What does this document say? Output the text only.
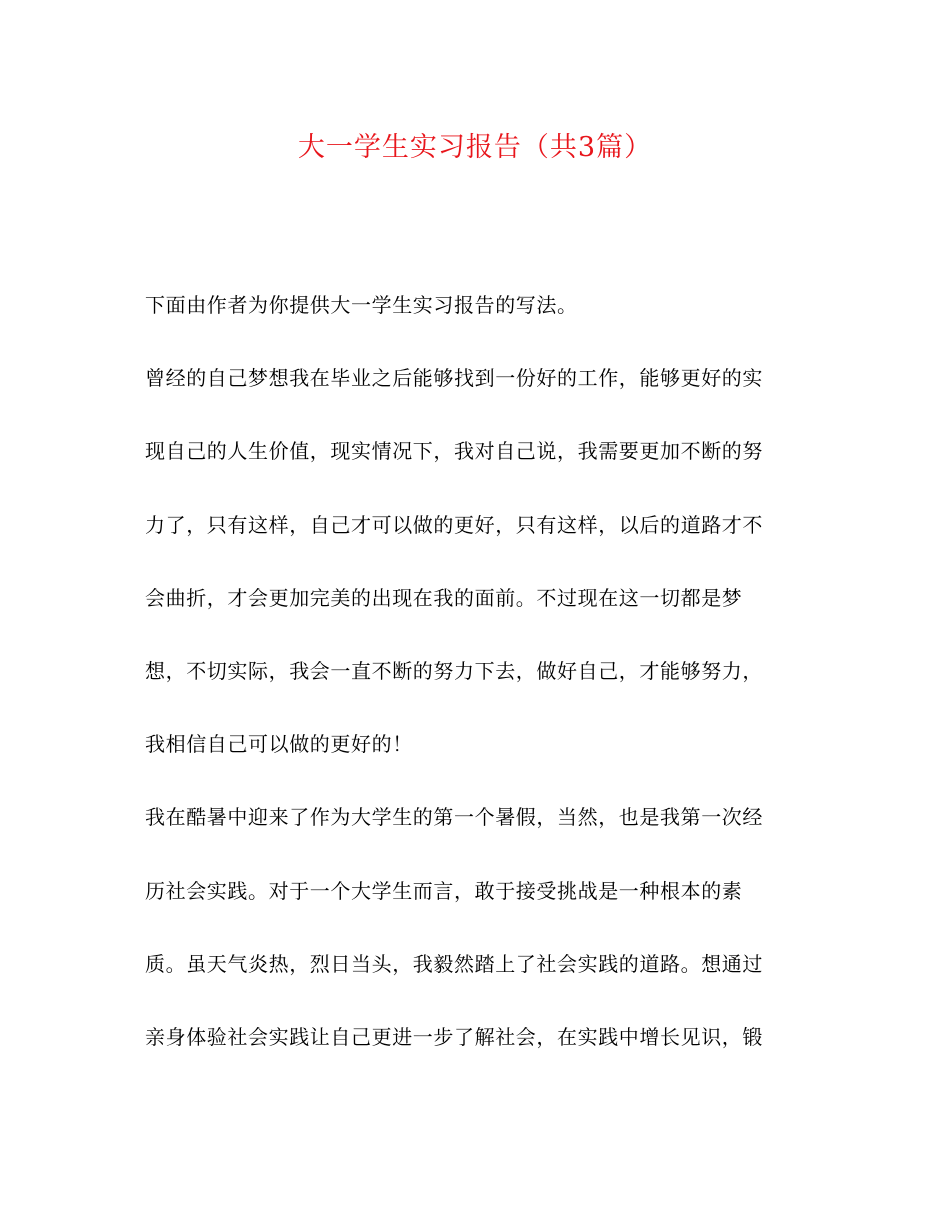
大一学生实习报告（共3篇）
下面由作者为你提供大一学生实习报告的写法。
曾经的自己梦想我在毕业之后能够找到一份好的工作，能够更好的实
现自己的人生价值，现实情况下，我对自己说，我需要更加不断的努
力了，只有这样，自己才可以做的更好，只有这样，以后的道路才不
会曲折，才会更加完美的出现在我的面前。不过现在这一切都是梦
想，不切实际，我会一直不断的努力下去，做好自己，才能够努力，
我相信自己可以做的更好的！
我在酷暑中迎来了作为大学生的第一个暑假，当然，也是我第一次经
历社会实践。对于一个大学生而言，敢于接受挑战是一种根本的素
质。虽天气炎热，烈日当头，我毅然踏上了社会实践的道路。想通过
亲身体验社会实践让自己更进一步了解社会，在实践中增长见识，锻
